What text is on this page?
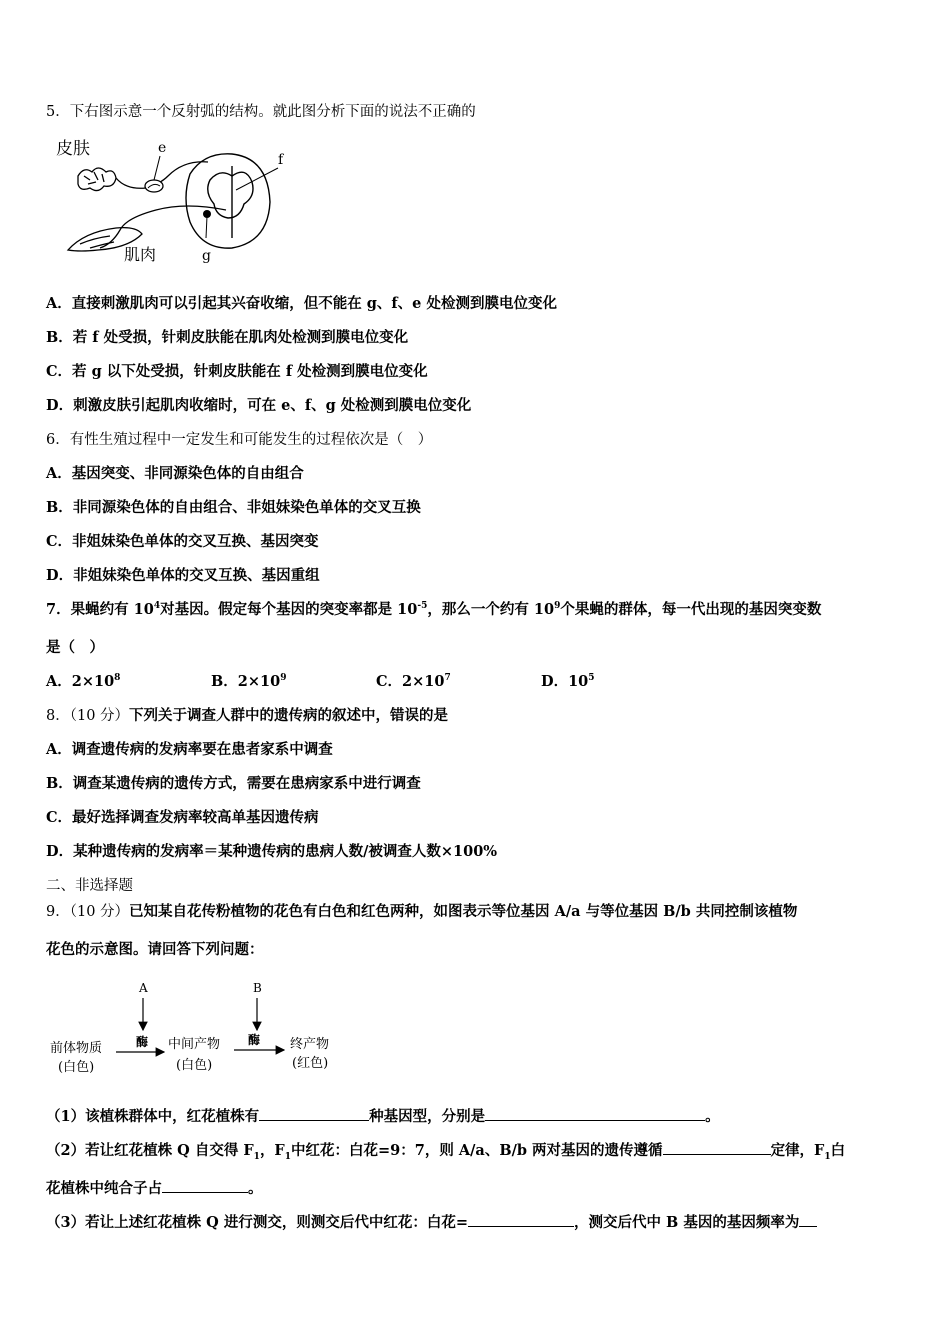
5．下右图示意一个反射弧的结构。就此图分析下面的说法不正确的
皮肤	e
f
肌肉	g
A．直接刺激肌肉可以引起其兴奋收缩，但不能在 g、f、e 处检测到膜电位变化
B．若 f 处受损，针刺皮肤能在肌肉处检测到膜电位变化
C．若 g 以下处受损，针刺皮肤能在 f 处检测到膜电位变化
D．刺激皮肤引起肌肉收缩时，可在 e、f、g 处检测到膜电位变化
6．有性生殖过程中一定发生和可能发生的过程依次是（　）
A．基因突变、非同源染色体的自由组合
B．非同源染色体的自由组合、非姐妹染色单体的交叉互换
C．非姐妹染色单体的交叉互换、基因突变
D．非姐妹染色单体的交叉互换、基因重组
7．果蝇约有 $10^4$对基因。假定每个基因的突变率都是 $10^{-5}$，那么一个约有 $10^9$个果蝇的群体，每一代出现的基因突变数
是（　）
A．$2\times 10^8$	B．$2\times 10^9$	C．$2\times 10^7$	D．$10^5$
8．（10 分）下列关于调查人群中的遗传病的叙述中，错误的是
A．调查遗传病的发病率要在患者家系中调查
B．调查某遗传病的遗传方式，需要在患病家系中进行调查
C．最好选择调查发病率较高单基因遗传病
D．某种遗传病的发病率＝某种遗传病的患病人数/被调查人数×100%
二、非选择题
9．（10 分）已知某自花传粉植物的花色有白色和红色两种，如图表示等位基因 A/a 与等位基因 B/b 共同控制该植物
花色的示意图。请回答下列问题：
A	B
前体物质
(白色)
酶 中间产物
(白色)
酶 终产物
(红色)
（1）该植株群体中，红花植株有	种基因型，分别是	。
（2）若让红花植株 Q 自交得 $F_1$，$F_1$中红花：白花=9：7，则 A/a、B/b 两对基因的遗传遵循	定律，$F_1$白
花植株中纯合子占	。
（3）若让上述红花植株 Q 进行测交，则测交后代中红花：白花=	，测交后代中 B 基因的基因频率为
